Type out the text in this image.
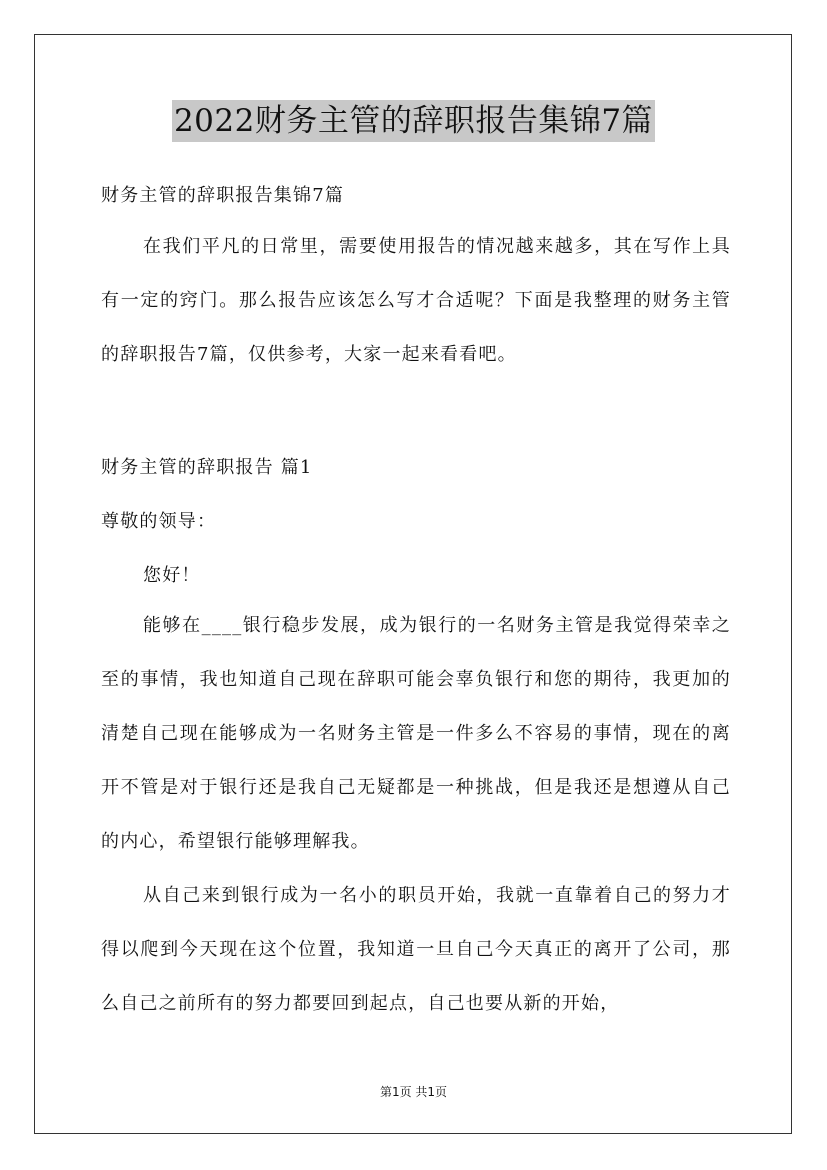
2022财务主管的辞职报告集锦7篇
财务主管的辞职报告集锦7篇
在我们平凡的日常里，需要使用报告的情况越来越多，其在写作上具有一定的窍门。那么报告应该怎么写才合适呢？下面是我整理的财务主管的辞职报告7篇，仅供参考，大家一起来看看吧。
财务主管的辞职报告 篇1
尊敬的领导：
您好！
能够在____银行稳步发展，成为银行的一名财务主管是我觉得荣幸之至的事情，我也知道自己现在辞职可能会辜负银行和您的期待，我更加的清楚自己现在能够成为一名财务主管是一件多么不容易的事情，现在的离开不管是对于银行还是我自己无疑都是一种挑战，但是我还是想遵从自己的内心，希望银行能够理解我。
从自己来到银行成为一名小的职员开始，我就一直靠着自己的努力才得以爬到今天现在这个位置，我知道一旦自己今天真正的离开了公司，那么自己之前所有的努力都要回到起点，自己也要从新的开始，
第1页 共1页
